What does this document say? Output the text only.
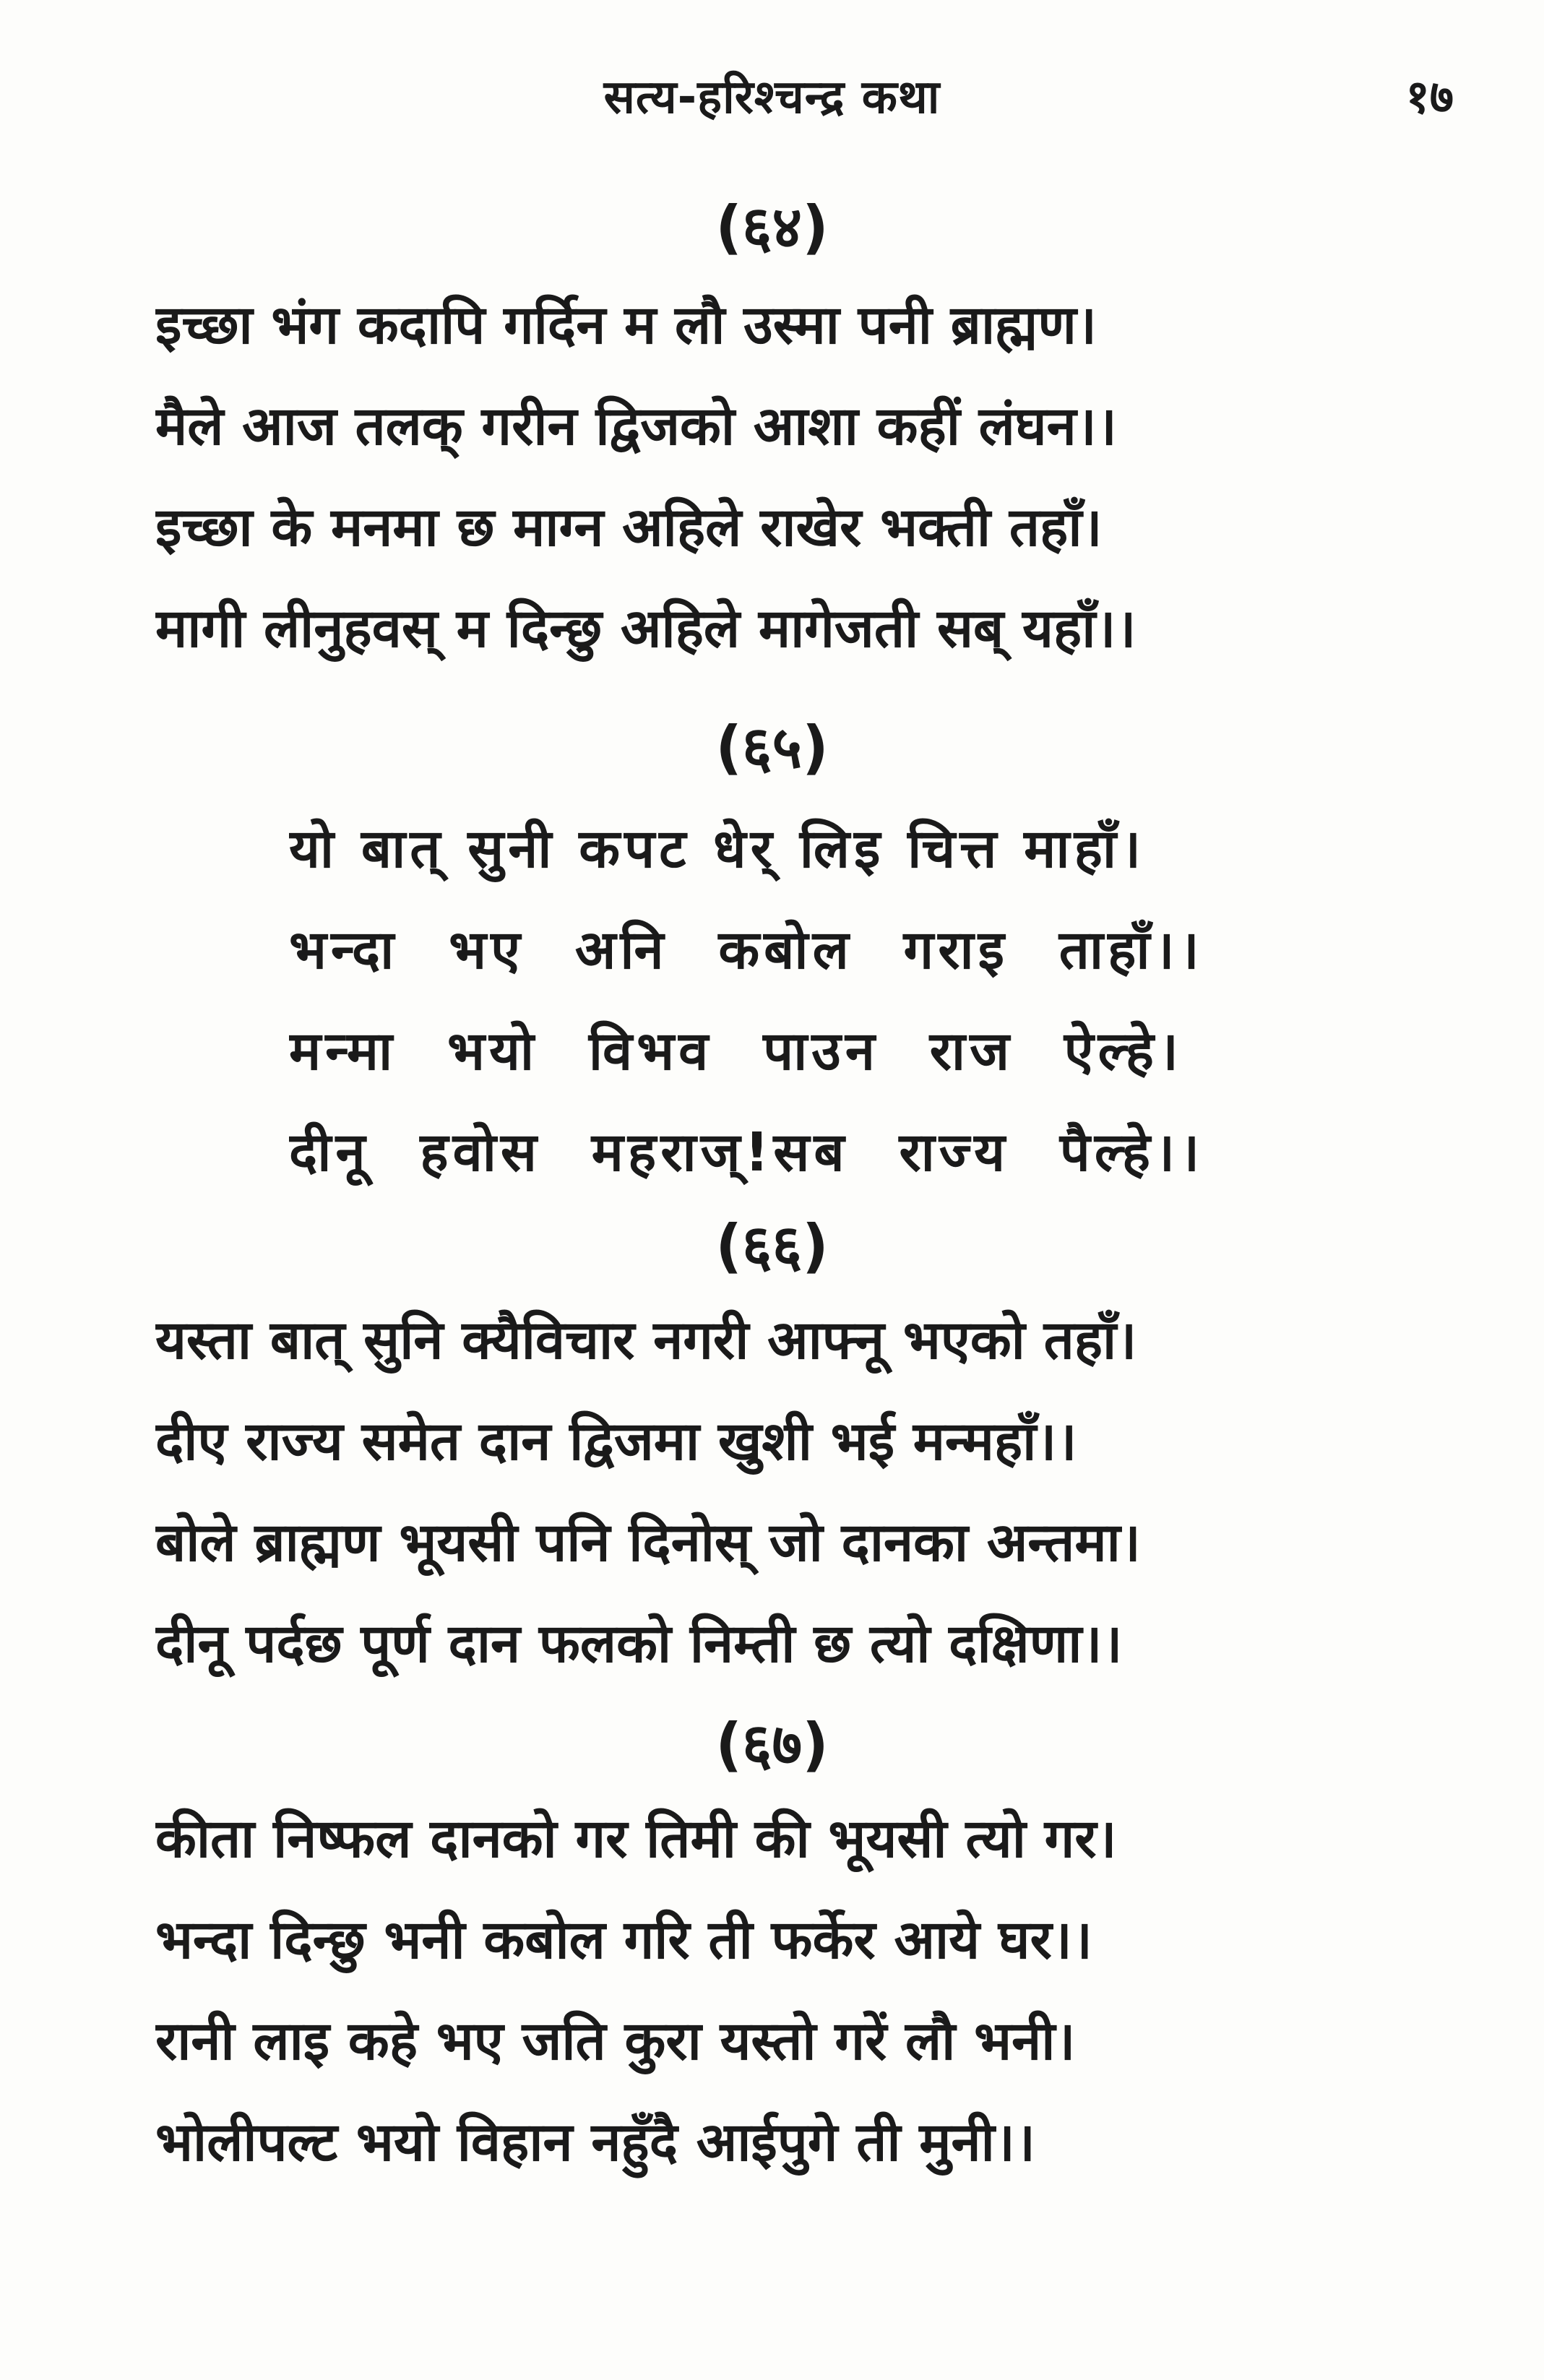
सत्य-हरिश्चन्द्र कथा	१७
(६४)
इच्छा भंग कदापि गर्दिन म लौ उस्मा पनी ब्राह्मण।
मैले आज तलक् गरीन द्विजको आशा कहीं लंघन।।
इच्छा के मनमा छ माग्न अहिले राखेर भक्ती तहाँ।
मागी लीनुहवस् म दिन्छु अहिले मागेजती सब् यहाँ।।
(६५)
यो बात् सुनी कपट धेर् लिइ चित्त माहाँ।
भन्दा भए अनि कबोल गराइ ताहाँ।।
मन्मा भयो विभव पाउन राज ऐल्हे।
दीनू हवोस महराज्!सब राज्य पैल्हे।।
(६६)
यस्ता बात् सुनि क्यैविचार नगरी आफ्नू भएको तहाँ।
दीए राज्य समेत दान द्विजमा खुशी भई मन्महाँ।।
बोले ब्राह्मण भूयसी पनि दिनोस् जो दानका अन्तमा।
दीनू पर्दछ पूर्ण दान फलको निम्ती छ त्यो दक्षिणा।।
(६७)
कीता निष्फल दानको गर तिमी की भूयसी त्यो गर।
भन्दा दिन्छु भनी कबोल गरि ती फर्केर आये घर।।
रानी लाइ कहे भए जति कुरा यस्तो गरें लौ भनी।
भोलीपल्ट भयो विहान नहुँदै आईपुगे ती मुनी।।
